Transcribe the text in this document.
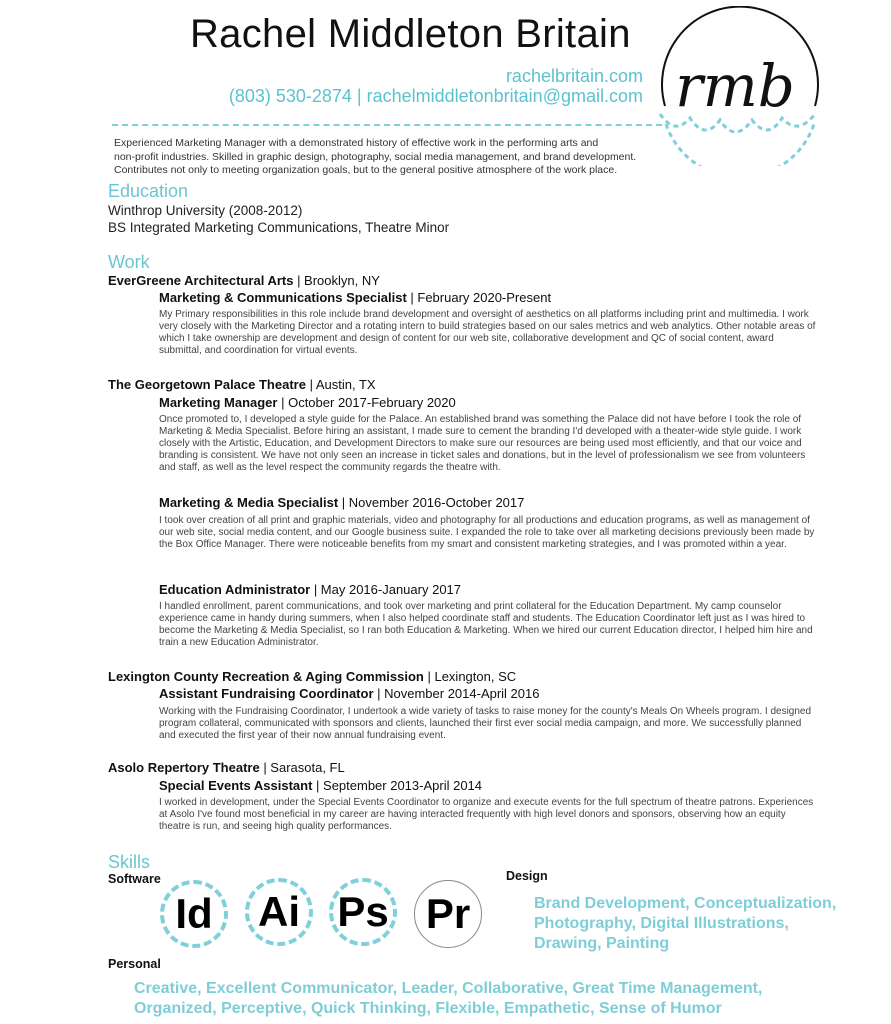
Rachel Middleton Britain
rachelbritain.com
(803) 530-2874 | rachelmiddletonbritain@gmail.com rmb
Experienced Marketing Manager with a demonstrated history of effective work in the performing arts and
non-profit industries. Skilled in graphic design, photography, social media management, and brand development.
Contributes not only to meeting organization goals, but to the general positive atmosphere of the work place.
Education
Winthrop University (2008-2012)
BS Integrated Marketing Communications, Theatre Minor
Work
EverGreene Architectural Arts | Brooklyn, NY
Marketing & Communications Specialist | February 2020-Present
My Primary responsibilities in this role include brand development and oversight of aesthetics on all platforms including print and multimedia. I work very closely with the Marketing Director and a rotating intern to build strategies based on our sales metrics and web analytics. Other notable areas of which I take ownership are development and design of content for our web site, collaborative development and QC of social content, award submittal, and coordination for virtual events.
The Georgetown Palace Theatre | Austin, TX
Marketing Manager | October 2017-February 2020
Once promoted to, I developed a style guide for the Palace. An established brand was something the Palace did not have before I took the role of Marketing & Media Specialist. Before hiring an assistant, I made sure to cement the branding I'd developed with a theater-wide style guide. I work closely with the Artistic, Education, and Development Directors to make sure our resources are being used most efficiently, and that our voice and branding is consistent. We have not only seen an increase in ticket sales and donations, but in the level of professionalism we see from volunteers and staff, as well as the level respect the community regards the theatre with.
Marketing & Media Specialist | November 2016-October 2017
I took over creation of all print and graphic materials, video and photography for all productions and education programs, as well as management of our web site, social media content, and our Google business suite. I expanded the role to take over all marketing decisions previously been made by the Box Office Manager. There were noticeable benefits from my smart and consistent marketing strategies, and I was promoted within a year.
Education Administrator | May 2016-January 2017
I handled enrollment, parent communications, and took over marketing and print collateral for the Education Department. My camp counselor experience came in handy during summers, when I also helped coordinate staff and students. The Education Coordinator left just as I was hired to become the Marketing & Media Specialist, so I ran both Education & Marketing. When we hired our current Education director, I helped him hire and train a new Education Administrator.
Lexington County Recreation & Aging Commission | Lexington, SC
Assistant Fundraising Coordinator | November 2014-April 2016
Working with the Fundraising Coordinator, I undertook a wide variety of tasks to raise money for the county's Meals On Wheels program. I designed program collateral, communicated with sponsors and clients, launched their first ever social media campaign, and more. We successfully planned and executed the first year of their now annual fundraising event.
Asolo Repertory Theatre | Sarasota, FL
Special Events Assistant | September 2013-April 2014
I worked in development, under the Special Events Coordinator to organize and execute events for the full spectrum of theatre patrons. Experiences at Asolo I've found most beneficial in my career are having interacted frequently with high level donors and sponsors, observing how an equity theatre is run, and seeing high quality performances.
Skills
Software
Id	Ai Ps Pr
Design
Brand Development, Conceptualization,
Photography, Digital Illustrations,
Drawing, Painting
Personal
Creative, Excellent Communicator, Leader, Collaborative, Great Time Management,
Organized, Perceptive, Quick Thinking, Flexible, Empathetic, Sense of Humor
